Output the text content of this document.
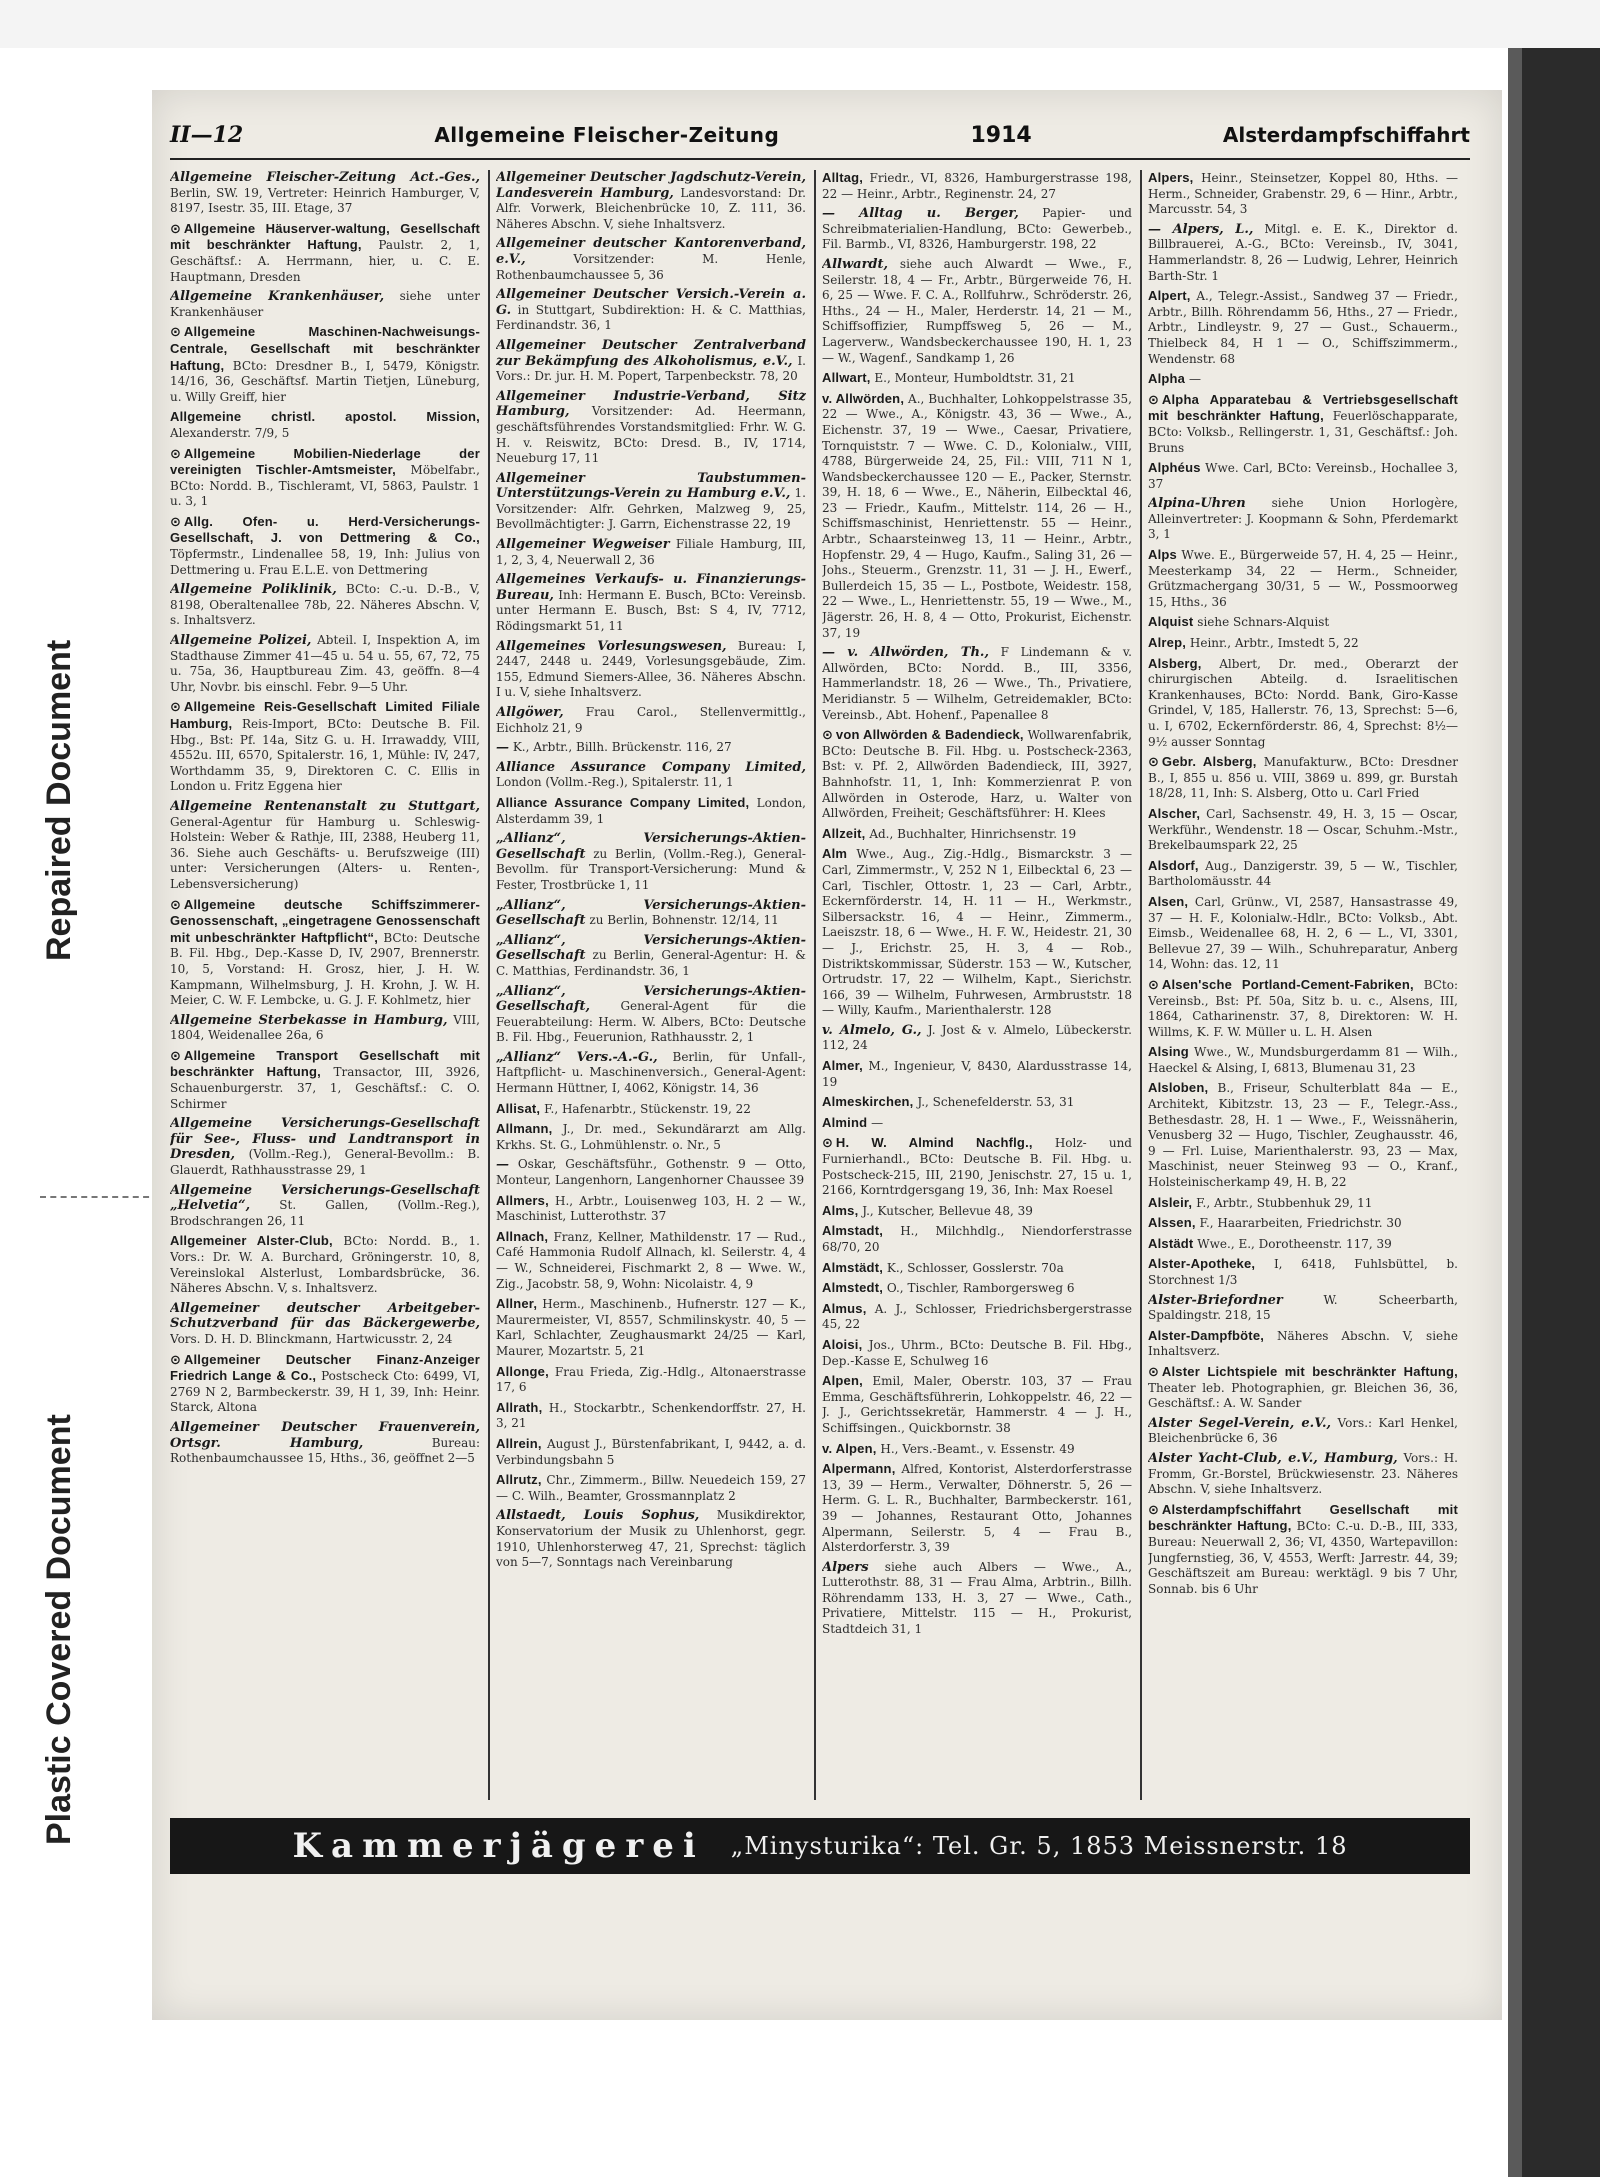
Repaired Document
Plastic Covered Document
II—12	Allgemeine Fleischer-Zeitung	1914	Alsterdampfschiffahrt

Allgemeine Fleischer-Zeitung Act.-Ges., Berlin, SW. 19, Vertreter: Heinrich Hamburger, V, 8197, Isestr. 35, III. Etage, 37

⊙ Allgemeine Häuserver-waltung, Gesellschaft mit beschränkter Haftung, Paulstr. 2, 1, Geschäftsf.: A. Herrmann, hier, u. C. E. Hauptmann, Dresden

Allgemeine Krankenhäuser, siehe unter Krankenhäuser

⊙ Allgemeine Maschinen-Nachweisungs-Centrale, Gesellschaft mit beschränkter Haftung, BCto: Dresdner B., I, 5479, Königstr. 14/16, 36, Geschäftsf. Martin Tietjen, Lüneburg, u. Willy Greiff, hier

Allgemeine christl. apostol. Mission, Alexanderstr. 7/9, 5

⊙ Allgemeine Mobilien-Niederlage der vereinigten Tischler-Amtsmeister, Möbelfabr., BCto: Nordd. B., Tischleramt, VI, 5863, Paulstr. 1 u. 3, 1

⊙ Allg. Ofen- u. Herd-Versicherungs-Gesellschaft, J. von Dettmering & Co., Töpfermstr., Lindenallee 58, 19, Inh: Julius von Dettmering u. Frau E.L.E. von Dettmering

Allgemeine Poliklinik, BCto: C.-u. D.-B., V, 8198, Oberaltenallee 78b, 22. Näheres Abschn. V, s. Inhaltsverz.

Allgemeine Polizei, Abteil. I, Inspektion A, im Stadthause Zimmer 41—45 u. 54 u. 55, 67, 72, 75 u. 75a, 36, Hauptbureau Zim. 43, geöffn. 8—4 Uhr, Novbr. bis einschl. Febr. 9—5 Uhr.

⊙ Allgemeine Reis-Gesellschaft Limited Filiale Hamburg, Reis-Import, BCto: Deutsche B. Fil. Hbg., Bst: Pf. 14a, Sitz G. u. H. Irrawaddy, VIII, 4552u. III, 6570, Spitalerstr. 16, 1, Mühle: IV, 247, Worthdamm 35, 9, Direktoren C. C. Ellis in London u. Fritz Eggena hier

Allgemeine Rentenanstalt zu Stuttgart, General-Agentur für Hamburg u. Schleswig-Holstein: Weber & Rathje, III, 2388, Heuberg 11, 36. Siehe auch Geschäfts- u. Berufszweige (III) unter: Versicherungen (Alters- u. Renten-, Lebensversicherung)

⊙ Allgemeine deutsche Schiffszimmerer-Genossenschaft, „eingetragene Genossenschaft mit unbeschränkter Haftpflicht“, BCto: Deutsche B. Fil. Hbg., Dep.-Kasse D, IV, 2907, Brennerstr. 10, 5, Vorstand: H. Grosz, hier, J. H. W. Kampmann, Wilhelmsburg, J. H. Krohn, J. W. H. Meier, C. W. F. Lembcke, u. G. J. F. Kohlmetz, hier

Allgemeine Sterbekasse in Hamburg, VIII, 1804, Weidenallee 26a, 6

⊙ Allgemeine Transport Gesellschaft mit beschränkter Haftung, Transactor, III, 3926, Schauenburgerstr. 37, 1, Geschäftsf.: C. O. Schirmer

Allgemeine Versicherungs-Gesellschaft für See-, Fluss- und Landtransport in Dresden, (Vollm.-Reg.), General-Bevollm.: B. Glauerdt, Rathhausstrasse 29, 1

Allgemeine Versicherungs-Gesellschaft „Helvetia“, St. Gallen, (Vollm.-Reg.), Brodschrangen 26, 11

Allgemeiner Alster-Club, BCto: Nordd. B., 1. Vors.: Dr. W. A. Burchard, Gröningerstr. 10, 8, Vereinslokal Alsterlust, Lombardsbrücke, 36. Näheres Abschn. V, s. Inhaltsverz.

Allgemeiner deutscher Arbeitgeber-Schutzverband für das Bäckergewerbe, Vors. D. H. D. Blinckmann, Hartwicusstr. 2, 24

⊙ Allgemeiner Deutscher Finanz-Anzeiger Friedrich Lange & Co., Postscheck Cto: 6499, VI, 2769 N 2, Barmbeckerstr. 39, H 1, 39, Inh: Heinr. Starck, Altona

Allgemeiner Deutscher Frauenverein, Ortsgr. Hamburg,	Bureau: Rothenbaumchaussee 15, Hths., 36, geöffnet 2—5

Allgemeiner Deutscher Jagdschutz-Verein, Landesverein Hamburg, Landesvorstand: Dr. Alfr. Vorwerk, Bleichenbrücke 10, Z. 111, 36. Näheres Abschn. V, siehe Inhaltsverz.

Allgemeiner deutscher Kantorenverband, e.V.,	Vorsitzender: M. Henle, Rothenbaumchaussee 5, 36

Allgemeiner Deutscher Versich.-Verein a. G. in Stuttgart, Subdirektion: H. & C. Matthias, Ferdinandstr. 36, 1

Allgemeiner Deutscher Zentralverband zur Bekämpfung des Alkoholismus, e.V., I. Vors.: Dr. jur. H. M. Popert, Tarpenbeckstr. 78, 20

Allgemeiner Industrie-Verband, Sitz Hamburg, Vorsitzender: Ad. Heermann, geschäftsführendes Vorstandsmitglied: Frhr. W. G. H. v. Reiswitz, BCto: Dresd. B., IV, 1714, Neueburg 17, 11

Allgemeiner Taubstummen-Unterstützungs-Verein zu Hamburg e.V., 1. Vorsitzender: Alfr. Gehrken, Malzweg 9, 25, Bevollmächtigter: J. Garrn, Eichenstrasse 22, 19

Allgemeiner Wegweiser Filiale Hamburg, III, 1, 2, 3, 4, Neuerwall 2, 36

Allgemeines Verkaufs- u. Finanzierungs-Bureau, Inh: Hermann E. Busch, BCto: Vereinsb. unter Hermann E. Busch, Bst: S 4, IV, 7712, Rödingsmarkt 51, 11

Allgemeines Vorlesungswesen, Bureau: I, 2447, 2448 u. 2449, Vorlesungsgebäude, Zim. 155, Edmund Siemers-Allee, 36. Näheres Abschn. I u. V, siehe Inhaltsverz.

Allgöwer, Frau Carol., Stellenvermittlg., Eichholz 21, 9

— K., Arbtr., Billh. Brückenstr. 116, 27

Alliance Assurance Company Limited, London (Vollm.-Reg.), Spitalerstr. 11, 1

Alliance Assurance Company Limited, London, Alsterdamm 39, 1

„Allianz“, Versicherungs-Aktien-Gesellschaft zu Berlin, (Vollm.-Reg.), General-Bevollm. für Transport-Versicherung: Mund & Fester, Trostbrücke 1, 11

„Allianz“, Versicherungs-Aktien-Gesellschaft zu Berlin, Bohnenstr. 12/14, 11

„Allianz“, Versicherungs-Aktien-Gesellschaft zu Berlin, General-Agentur: H. & C. Matthias, Ferdinandstr. 36, 1

„Allianz“, Versicherungs-Aktien-Gesellschaft,	General-Agent für die Feuerabteilung: Herm. W. Albers, BCto: Deutsche B. Fil. Hbg., Feuerunion, Rathhausstr. 2, 1

„Allianz“ Vers.-A.-G., Berlin, für Unfall-, Haftpflicht- u. Maschinenversich., General-Agent: Hermann Hüttner, I, 4062, Königstr. 14, 36

Allisat, F., Hafenarbtr., Stückenstr. 19, 22

Allmann, J., Dr. med., Sekundärarzt am Allg. Krkhs. St. G., Lohmühlenstr. o. Nr., 5

— Oskar, Geschäftsführ., Gothenstr. 9 — Otto, Monteur, Langenhorn, Langenhorner Chaussee 39

Allmers, H., Arbtr., Louisenweg 103, H. 2 — W., Maschinist, Lutterothstr. 37

Allnach, Franz, Kellner, Mathildenstr. 17 — Rud., Café Hammonia Rudolf Allnach, kl. Seilerstr. 4, 4 — W., Schneiderei, Fischmarkt 2, 8 — Wwe. W., Zig., Jacobstr. 58, 9, Wohn: Nicolaistr. 4, 9

Allner, Herm., Maschinenb., Hufnerstr. 127 — K., Maurermeister, VI, 8557, Schmilinskystr. 40, 5 — Karl, Schlachter, Zeughausmarkt 24/25 — Karl, Maurer, Mozartstr. 5, 21

Allonge, Frau Frieda, Zig.-Hdlg., Altonaerstrasse 17, 6

Allrath, H., Stockarbtr., Schenkendorffstr. 27, H. 3, 21

Allrein, August J., Bürstenfabrikant, I, 9442, a. d. Verbindungsbahn 5

Allrutz, Chr., Zimmerm., Billw. Neuedeich 159, 27 — C. Wilh., Beamter, Grossmannplatz 2

Allstaedt, Louis Sophus, Musikdirektor, Konservatorium der Musik zu Uhlenhorst, gegr. 1910, Uhlenhorsterweg 47, 21, Sprechst: täglich von 5—7, Sonntags nach Vereinbarung

Alltag, Friedr., VI, 8326, Hamburgerstrasse 198, 22 — Heinr., Arbtr., Reginenstr. 24, 27

— Alltag u. Berger, Papier- und Schreibmaterialien-Handlung, BCto: Gewerbeb., Fil. Barmb., VI, 8326, Hamburgerstr. 198, 22

Allwardt, siehe auch Alwardt — Wwe., F., Seilerstr. 18, 4 — Fr., Arbtr., Bürgerweide 76, H. 6, 25 — Wwe. F. C. A., Rollfuhrw., Schröderstr. 26, Hths., 24 — H., Maler, Herderstr. 14, 21 — M., Schiffsoffizier, Rumpffsweg 5, 26 — M., Lagerverw., Wandsbeckerchaussee 190, H. 1, 23 — W., Wagenf., Sandkamp 1, 26

Allwart, E., Monteur, Humboldtstr. 31, 21

v. Allwörden, A., Buchhalter, Lohkoppelstrasse 35, 22 — Wwe., A., Königstr. 43, 36 — Wwe., A., Eichenstr. 37, 19 — Wwe., Caesar, Privatiere, Tornquiststr. 7 — Wwe. C. D., Kolonialw., VIII, 4788, Bürgerweide 24, 25, Fil.: VIII, 711 N 1, Wandsbeckerchaussee 120 — E., Packer, Sternstr. 39, H. 18, 6 — Wwe., E., Näherin, Eilbecktal 46, 23 — Friedr., Kaufm., Mittelstr. 114, 26 — H., Schiffsmaschinist, Henriettenstr. 55 — Heinr., Arbtr., Schaarsteinweg 13, 11 — Heinr., Arbtr., Hopfenstr. 29, 4 — Hugo, Kaufm., Saling 31, 26 — Johs., Steuerm., Grenzstr. 11, 31 — J. H., Ewerf., Bullerdeich 15, 35 — L., Postbote, Weidestr. 158, 22 — Wwe., L., Henriettenstr. 55, 19 — Wwe., M., Jägerstr. 26, H. 8, 4 — Otto, Prokurist, Eichenstr. 37, 19

— v. Allwörden, Th., F Lindemann & v. Allwörden, BCto: Nordd. B., III, 3356, Hammerlandstr. 18, 26 — Wwe., Th., Privatiere, Meridianstr. 5 — Wilhelm, Getreidemakler, BCto: Vereinsb., Abt. Hohenf., Papenallee 8

⊙ von Allwörden & Badendieck, Wollwarenfabrik, BCto: Deutsche B. Fil. Hbg. u. Postscheck-2363, Bst: v. Pf. 2, Allwörden Badendieck, III, 3927, Bahnhofstr. 11, 1, Inh: Kommerzienrat P. von Allwörden in Osterode, Harz, u. Walter von Allwörden, Freiheit; Geschäftsführer: H. Klees

Allzeit, Ad., Buchhalter, Hinrichsenstr. 19

Alm Wwe., Aug., Zig.-Hdlg., Bismarckstr. 3 — Carl, Zimmermstr., V, 252 N 1, Eilbecktal 6, 23 — Carl, Tischler, Ottostr. 1, 23 — Carl, Arbtr., Eckernförderstr. 14, H. 11 — H., Werkmstr., Silbersackstr. 16, 4 — Heinr., Zimmerm., Laeiszstr. 18, 6 — Wwe., H. F. W., Heidestr. 21, 30 — J., Erichstr. 25, H. 3, 4 — Rob., Distriktskommissar, Süderstr. 153 — W., Kutscher, Ortrudstr. 17, 22 — Wilhelm, Kapt., Sierichstr. 166, 39 — Wilhelm, Fuhrwesen, Armbruststr. 18 — Willy, Kaufm., Marienthalerstr. 128

v. Almelo, G., J. Jost & v. Almelo, Lübeckerstr. 112, 24

Almer, M., Ingenieur, V, 8430, Alardusstrasse 14, 19

Almeskirchen, J., Schenefelderstr. 53, 31

Almind —

⊙ H. W. Almind Nachflg., Holz- und Furnierhandl., BCto: Deutsche B. Fil. Hbg. u. Postscheck-215, III, 2190, Jenischstr. 27, 15 u. 1, 2166, Korntrdgersgang 19, 36, Inh: Max Roesel

Alms, J., Kutscher, Bellevue 48, 39

Almstadt, H., Milchhdlg., Niendorferstrasse 68/70, 20

Almstädt, K., Schlosser, Gosslerstr. 70a

Almstedt, O., Tischler, Ramborgersweg 6

Almus, A. J., Schlosser, Friedrichsbergerstrasse 45, 22

Aloisi, Jos., Uhrm., BCto: Deutsche B. Fil. Hbg., Dep.-Kasse E, Schulweg 16

Alpen, Emil, Maler, Oberstr. 103, 37 — Frau Emma, Geschäftsführerin, Lohkoppelstr. 46, 22 — J. J., Gerichtssekretär, Hammerstr. 4 — J. H., Schiffsingen., Quickbornstr. 38

v. Alpen, H., Vers.-Beamt., v. Essenstr. 49

Alpermann, Alfred, Kontorist, Alsterdorferstrasse 13, 39 — Herm., Verwalter, Döhnerstr. 5, 26 — Herm. G. L. R., Buchhalter, Barmbeckerstr. 161, 39 — Johannes, Restaurant Otto, Johannes Alpermann, Seilerstr. 5, 4 — Frau B., Alsterdorferstr. 3, 39

Alpers siehe auch Albers — Wwe., A., Lutterothstr. 88, 31 — Frau Alma, Arbtrin., Billh. Röhrendamm 133, H. 3, 27 — Wwe., Cath., Privatiere, Mittelstr. 115 — H., Prokurist, Stadtdeich 31, 1

Alpers, Heinr., Steinsetzer, Koppel 80, Hths. — Herm., Schneider, Grabenstr. 29, 6 — Hinr., Arbtr., Marcusstr. 54, 3

— Alpers, L., Mitgl. e. E. K., Direktor d. Billbrauerei, A.-G., BCto: Vereinsb., IV, 3041, Hammerlandstr. 8, 26 — Ludwig, Lehrer, Heinrich Barth-Str. 1

Alpert, A., Telegr.-Assist., Sandweg 37 — Friedr., Arbtr., Billh. Röhrendamm 56, Hths., 27 — Friedr., Arbtr., Lindleystr. 9, 27 — Gust., Schauerm., Thielbeck 84, H 1 — O., Schiffszimmerm., Wendenstr. 68

Alpha —

⊙ Alpha Apparatebau & Vertriebsgesellschaft mit beschränkter Haftung, Feuerlöschapparate, BCto: Volksb., Rellingerstr. 1, 31, Geschäftsf.: Joh. Bruns

Alphéus Wwe. Carl, BCto: Vereinsb., Hochallee 3, 37

Alpina-Uhren siehe Union Horlogère, Alleinvertreter: J. Koopmann & Sohn, Pferdemarkt 3, 1

Alps Wwe. E., Bürgerweide 57, H. 4, 25 — Heinr., Meesterkamp 34, 22 — Herm., Schneider, Grützmachergang 30/31, 5 — W., Possmoorweg 15, Hths., 36

Alquist siehe Schnars-Alquist

Alrep, Heinr., Arbtr., Imstedt 5, 22

Alsberg, Albert, Dr. med., Oberarzt der chirurgischen Abteilg. d. Israelitischen Krankenhauses, BCto: Nordd. Bank, Giro-Kasse Grindel, V, 185, Hallerstr. 76, 13, Sprechst: 5—6, u. I, 6702, Eckernförderstr. 86, 4, Sprechst: 8½—9½ ausser Sonntag

⊙ Gebr. Alsberg, Manufakturw., BCto: Dresdner B., I, 855 u. 856 u. VIII, 3869 u. 899, gr. Burstah 18/28, 11, Inh: S. Alsberg, Otto u. Carl Fried

Alscher, Carl, Sachsenstr. 49, H. 3, 15 — Oscar, Werkführ., Wendenstr. 18 — Oscar, Schuhm.-Mstr., Brekelbaumspark 22, 25

Alsdorf, Aug., Danzigerstr. 39, 5 — W., Tischler, Bartholomäusstr. 44

Alsen, Carl, Grünw., VI, 2587, Hansastrasse 49, 37 — H. F., Kolonialw.-Hdlr., BCto: Volksb., Abt. Eimsb., Weidenallee 68, H. 2, 6 — L., VI, 3301, Bellevue 27, 39 — Wilh., Schuhreparatur, Anberg 14, Wohn: das. 12, 11

⊙ Alsen'sche Portland-Cement-Fabriken, BCto: Vereinsb., Bst: Pf. 50a, Sitz b. u. c., Alsens, III, 1864, Catharinenstr. 37, 8, Direktoren: W. H. Willms, K. F. W. Müller u. L. H. Alsen

Alsing Wwe., W., Mundsburgerdamm 81 — Wilh., Haeckel & Alsing, I, 6813, Blumenau 31, 23

Alsloben, B., Friseur, Schulterblatt 84a — E., Architekt, Kibitzstr. 13, 23 — F., Telegr.-Ass., Bethesdastr. 28, H. 1 — Wwe., F., Weissnäherin, Venusberg 32 — Hugo, Tischler, Zeughausstr. 46, 9 — Frl. Luise, Marienthalerstr. 93, 23 — Max, Maschinist, neuer Steinweg 93 — O., Kranf., Holsteinischerkamp 49, H. B, 22

Alsleir, F., Arbtr., Stubbenhuk 29, 11

Alssen, F., Haararbeiten, Friedrichstr. 30

Alstädt Wwe., E., Dorotheenstr. 117, 39

Alster-Apotheke, I, 6418, Fuhlsbüttel, b. Storchnest 1/3

Alster-Briefordner	W. Scheerbarth, Spaldingstr. 218, 15

Alster-Dampfböte, Näheres Abschn. V, siehe Inhaltsverz.

⊙ Alster Lichtspiele mit beschränkter Haftung, Theater leb. Photographien, gr. Bleichen 36, 36, Geschäftsf.: A. W. Sander

Alster Segel-Verein, e.V., Vors.: Karl Henkel, Bleichenbrücke 6, 36

Alster Yacht-Club, e.V., Hamburg, Vors.: H. Fromm, Gr.-Borstel, Brückwiesenstr. 23. Näheres Abschn. V, siehe Inhaltsverz.

⊙ Alsterdampfschiffahrt Gesellschaft mit beschränkter Haftung, BCto: C.-u. D.-B., III, 333, Bureau: Neuerwall 2, 36; VI, 4350, Wartepavillon: Jungfernstieg, 36, V, 4553, Werft: Jarrestr. 44, 39; Geschäftszeit am Bureau: werktägl. 9 bis 7 Uhr, Sonnab. bis 6 Uhr

Kammerjägerei „Minysturika“: Tel. Gr. 5, 1853 Meissnerstr. 18
